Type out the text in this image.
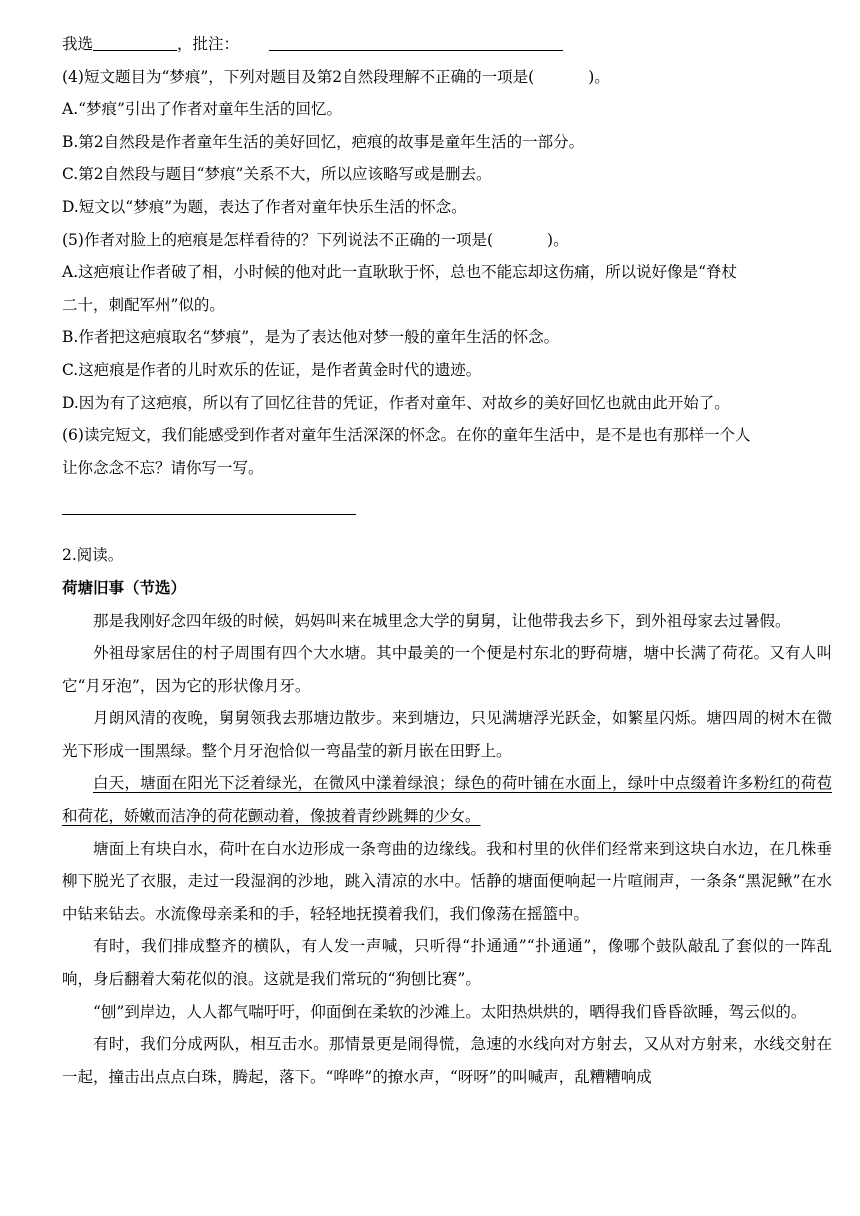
我选	，批注：
(4)短文题目为“梦痕”，下列对题目及第2自然段理解不正确的一项是(	)。
A.“梦痕”引出了作者对童年生活的回忆。
B.第2自然段是作者童年生活的美好回忆，疤痕的故事是童年生活的一部分。
C.第2自然段与题目“梦痕”关系不大，所以应该略写或是删去。
D.短文以“梦痕”为题，表达了作者对童年快乐生活的怀念。
(5)作者对脸上的疤痕是怎样看待的？下列说法不正确的一项是(	)。
A.这疤痕让作者破了相，小时候的他对此一直耿耿于怀，总也不能忘却这伤痛，所以说好像是“脊杖
二十，刺配军州”似的。
B.作者把这疤痕取名“梦痕”，是为了表达他对梦一般的童年生活的怀念。
C.这疤痕是作者的儿时欢乐的佐证，是作者黄金时代的遗迹。
D.因为有了这疤痕，所以有了回忆往昔的凭证，作者对童年、对故乡的美好回忆也就由此开始了。
(6)读完短文，我们能感受到作者对童年生活深深的怀念。在你的童年生活中，是不是也有那样一个人
让你念念不忘？请你写一写。
2.阅读。
荷塘旧事（节选）
那是我刚好念四年级的时候，妈妈叫来在城里念大学的舅舅，让他带我去乡下，到外祖母家去过暑假。
外祖母家居住的村子周围有四个大水塘。其中最美的一个便是村东北的野荷塘，塘中长满了荷花。又有人叫它“月牙泡”，因为它的形状像月牙。
月朗风清的夜晚，舅舅领我去那塘边散步。来到塘边，只见满塘浮光跃金，如繁星闪烁。塘四周的树木在微光下形成一围黑绿。整个月牙泡恰似一弯晶莹的新月嵌在田野上。
白天，塘面在阳光下泛着绿光，在微风中漾着绿浪；绿色的荷叶铺在水面上，绿叶中点缀着许多粉红的荷苞和荷花，娇嫩而洁净的荷花颤动着，像披着青纱跳舞的少女。
塘面上有块白水，荷叶在白水边形成一条弯曲的边缘线。我和村里的伙伴们经常来到这块白水边，在几株垂柳下脱光了衣服，走过一段湿润的沙地，跳入清凉的水中。恬静的塘面便响起一片喧闹声，一条条“黑泥鳅”在水中钻来钻去。水流像母亲柔和的手，轻轻地抚摸着我们，我们像荡在摇篮中。
有时，我们排成整齐的横队，有人发一声喊，只听得“扑通通”“扑通通”，像哪个鼓队敲乱了套似的一阵乱响，身后翻着大菊花似的浪。这就是我们常玩的“狗刨比赛”。
“刨”到岸边，人人都气喘吁吁，仰面倒在柔软的沙滩上。太阳热烘烘的，晒得我们昏昏欲睡，驾云似的。
有时，我们分成两队，相互击水。那情景更是闹得慌，急速的水线向对方射去，又从对方射来，水线交射在一起，撞击出点点白珠，腾起，落下。“哗哗”的撩水声，“呀呀”的叫喊声，乱糟糟响成
